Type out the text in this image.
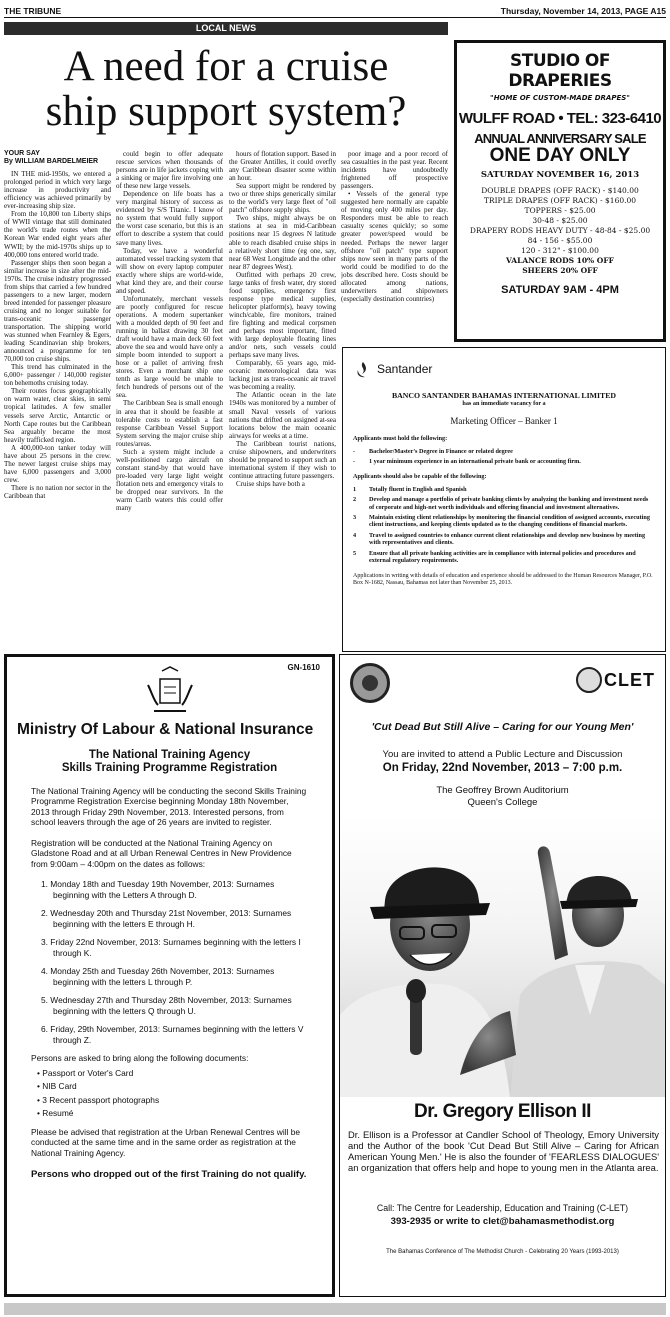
THE TRIBUNE	Thursday, November 14, 2013, PAGE A15
LOCAL NEWS
A need for a cruise
ship support system?
YOUR SAY
By WILLIAM BARDELMEIER

IN THE mid-1950s, we entered a prolonged period in which very large increase in productivity and efficiency was achieved primarily by ever-increasing ship size.

From the 10,800 ton Liberty ships of WWII vintage that still dominated the world's trade routes when the Korean War ended eight years after WWII; by the mid-1970s ships up to 400,000 tons entered world trade.

Passenger ships then soon began a similar increase in size after the mid-1970s. The cruise industry progressed from ships that carried a few hundred passengers to a new larger, modern breed intended for passenger pleasure cruising and no longer suitable for trans-oceanic passenger transportation. The shipping world was stunned when Fearnley & Egers, leading Scandinavian ship brokers, announced a programme for ten 70,000 ton cruise ships.

This trend has culminated in the 6,000+ passenger / 140,000 register ton behemoths cruising today.

Their routes focus geographically on warm water, clear skies, in semi tropical latitudes. A few smaller vessels serve Arctic, Antarctic or North Cape routes but the Caribbean Sea arguably became the most heavily trafficked region.

A 400,000-ton tanker today will have about 25 persons in the crew. The newer largest cruise ships may have 6,000 passengers and 3,000 crew.

There is no nation nor sector in the Caribbean that

could begin to offer adequate rescue services when thousands of persons are in life jackets coping with a sinking or major fire involving one of these new large vessels.

Dependence on life boats has a very marginal history of success as evidenced by S/S Titanic. I know of no system that would fully support the worst case scenario, but this is an effort to describe a system that could save many lives.

Today, we have a wonderful automated vessel tracking system that will show on every laptop computer exactly where ships are world-wide, what kind they are, and their course and speed.

Unfortunately, merchant vessels are poorly configured for rescue operations. A modern supertanker with a moulded depth of 90 feet and running in ballast drawing 30 feet draft would have a main deck 60 feet above the sea and would have only a simple boom intended to support a hose or a pallet of arriving fresh stores. Even a merchant ship one tenth as large would be unable to fetch hundreds of persons out of the sea.

The Caribbean Sea is small enough in area that it should be feasible at tolerable costs to establish a fast response Caribbean Vessel Support System serving the major cruise ship routes/areas.

Such a system might include a well-positioned cargo aircraft on constant stand-by that would have pre-loaded very large light weight flotation nets and emergency vitals to be dropped near survivors. In the warm Carib waters this could offer many

hours of flotation support. Based in the Greater Antilles, it could overfly any Caribbean disaster scene within an hour.

Sea support might be rendered by two or three ships generically similar to the world's very large fleet of "oil patch" offshore supply ships.

Two ships, might always be on stations at sea in mid-Caribbean positions near 15 degrees N latitude able to reach disabled cruise ships in a relatively short time (eg one, say, near 68 West Longitude and the other near 87 degrees West).

Outfitted with perhaps 20 crew, large tanks of fresh water, dry stored food supplies, emergency first response type medical supplies, helicopter platform(s), heavy towing winch/cable, fire monitors, trained fire fighting and medical corpsmen and perhaps most important, fitted with large deployable floating lines and/or nets, such vessels could perhaps save many lives.

Comparably, 65 years ago, mid-oceanic meteorological data was lacking just as trans-oceanic air travel was becoming a reality.

The Atlantic ocean in the late 1940s was monitored by a number of small Naval vessels of various nations that drifted on assigned at-sea locations below the main oceanic airways for weeks at a time.

The Caribbean tourist nations, cruise shipowners, and underwriters should be prepared to support such an international system if they wish to continue attracting future passengers.

Cruise ships have both a

poor image and a poor record of sea casualties in the past year. Recent incidents have undoubtedly frightened off prospective passengers.

• Vessels of the general type suggested here normally are capable of moving only 400 miles per day. Responders must be able to reach casualty scenes quickly; so some greater power/speed would be needed. Perhaps the newer larger offshore "oil patch" type support ships now seen in many parts of the world could be modified to do the jobs described here. Costs should be allocated among nations, underwriters and shipowners (especially destination countries)

STUDIO OF DRAPERIES
"HOME OF CUSTOM-MADE DRAPES"
WULFF ROAD • TEL: 323-6410
ANNUAL ANNIVERSARY SALE
ONE DAY ONLY
SATURDAY NOVEMBER 16, 2013
DOUBLE DRAPES (OFF RACK) - $140.00
TRIPLE DRAPES (OFF RACK) - $160.00
TOPPERS - $25.00
30-48 - $25.00
DRAPERY RODS HEAVY DUTY - 48-84 - $25.00
84 - 156 - $55.00
120 - 312" - $100.00
VALANCE RODS 10% OFF
SHEERS 20% OFF
SATURDAY 9AM - 4PM
Santander
BANCO SANTANDER BAHAMAS INTERNATIONAL LIMITED
has an immediate vacancy for a
Marketing Officer – Banker 1
Applicants must hold the following:
-	Bachelor/Master's Degree in Finance or related degree
-	1 year minimum experience in an international private bank or accounting firm.
Applicants should also be capable of the following:
1	Totally fluent in English and Spanish
2	Develop and manage a portfolio of private banking clients by analyzing the banking and investment needs of corporate and high-net worth individuals and offering financial and investment alternatives.
3	Maintain existing client relationships by monitoring the financial condition of assigned accounts, executing client instructions, and keeping clients updated as to the changing conditions of financial markets.
4	Travel to assigned countries to enhance current client relationships and develop new business by meeting with representatives and clients.
5	Ensure that all private banking activities are in compliance with internal policies and procedures and external regulatory requirements.
Applications in writing with details of education and experience should be addressed to the Human Resources Manager, P.O. Box N-1682, Nassau, Bahamas not later than November 25, 2013.
GN-1610
Ministry Of Labour & National Insurance
The National Training Agency
Skills Training Programme Registration
The National Training Agency will be conducting the second Skills Training Programme Registration Exercise beginning Monday 18th November, 2013 through Friday 29th November, 2013. Interested persons, from school leavers through the age of 26 years are invited to register.
Registration will be conducted at the National Training Agency on Gladstone Road and at all Urban Renewal Centres in New Providence from 9:00am – 4:00pm on the dates as follows:
1. Monday 18th and Tuesday 19th November, 2013: Surnames beginning with the Letters A through D.
2. Wednesday 20th and Thursday 21st November, 2013: Surnames beginning with the letters E through H.
3. Friday 22nd November, 2013: Surnames beginning with the letters I through K.
4. Monday 25th and Tuesday 26th November, 2013: Surnames beginning with the letters L through P.
5. Wednesday 27th and Thursday 28th November, 2013: Surnames beginning with the letters Q through U.
6. Friday, 29th November, 2013: Surnames beginning with the letters V through Z.
Persons are asked to bring along the following documents:
• Passport or Voter's Card
• NIB Card
• 3 Recent passport photographs
• Resumé
Please be advised that registration at the Urban Renewal Centres will be conducted at the same time and in the same order as registration at the National Training Agency.
Persons who dropped out of the first Training do not qualify.
CLET
'Cut Dead But Still Alive – Caring for our Young Men'
You are invited to attend a Public Lecture and Discussion
On Friday, 22nd November, 2013 – 7:00 p.m.
The Geoffrey Brown Auditorium
Queen's College
Dr. Gregory Ellison II
Dr. Ellison is a Professor at Candler School of Theology, Emory University and the Author of the book 'Cut Dead But Still Alive – Caring for African American Young Men.' He is also the founder of 'FEARLESS DIALOGUES' an organization that offers help and hope to young men in the Atlanta area.
Call: The Centre for Leadership, Education and Training (C-LET)
393-2935 or write to clet@bahamasmethodist.org
The Bahamas Conference of The Methodist Church - Celebrating 20 Years (1993-2013)
